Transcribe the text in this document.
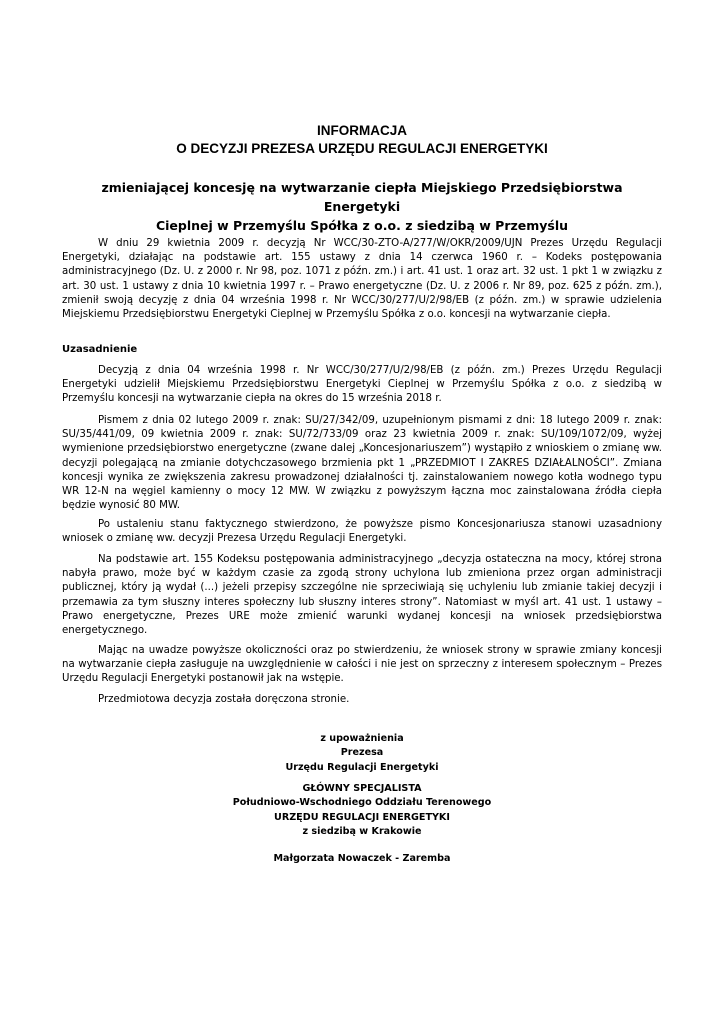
INFORMACJA
O DECYZJI PREZESA URZĘDU REGULACJI ENERGETYKI
zmieniającej koncesję na wytwarzanie ciepła Miejskiego Przedsiębiorstwa Energetyki
Cieplnej w Przemyślu Spółka z o.o. z siedzibą w Przemyślu

W dniu 29 kwietnia 2009 r. decyzją Nr WCC/30-ZTO-A/277/W/OKR/2009/UJN Prezes Urzędu Regulacji Energetyki, działając na podstawie art. 155 ustawy z dnia 14 czerwca 1960 r. – Kodeks postępowania administracyjnego (Dz. U. z 2000 r. Nr 98, poz. 1071 z późn. zm.) i art. 41 ust. 1 oraz art. 32 ust. 1 pkt 1 w związku z art. 30 ust. 1 ustawy z dnia 10 kwietnia 1997 r. – Prawo energetyczne (Dz. U. z 2006 r. Nr 89, poz. 625 z późn. zm.), zmienił swoją decyzję z dnia 04 września 1998 r. Nr WCC/30/277/U/2/98/EB (z późn. zm.) w sprawie udzielenia Miejskiemu Przedsiębiorstwu Energetyki Cieplnej w Przemyślu Spółka z o.o. koncesji na wytwarzanie ciepła.

Uzasadnienie

Decyzją z dnia 04 września 1998 r. Nr WCC/30/277/U/2/98/EB (z późn. zm.) Prezes Urzędu Regulacji Energetyki udzielił Miejskiemu Przedsiębiorstwu Energetyki Cieplnej w Przemyślu Spółka z o.o. z siedzibą w Przemyślu koncesji na wytwarzanie ciepła na okres do 15 września 2018 r.

Pismem z dnia 02 lutego 2009 r. znak: SU/27/342/09, uzupełnionym pismami z dni: 18 lutego 2009 r. znak: SU/35/441/09, 09 kwietnia 2009 r. znak: SU/72/733/09 oraz 23 kwietnia 2009 r. znak: SU/109/1072/09, wyżej wymienione przedsiębiorstwo energetyczne (zwane dalej „Koncesjonariuszem”) wystąpiło z wnioskiem o zmianę ww. decyzji polegającą na zmianie dotychczasowego brzmienia pkt 1 „PRZEDMIOT I ZAKRES DZIAŁALNOŚCI”. Zmiana koncesji wynika ze zwiększenia zakresu prowadzonej działalności tj. zainstalowaniem nowego kotła wodnego typu WR 12-N na węgiel kamienny o mocy 12 MW. W związku z powyższym łączna moc zainstalowana źródła ciepła będzie wynosić 80 MW.

Po ustaleniu stanu faktycznego stwierdzono, że powyższe pismo Koncesjonariusza stanowi uzasadniony wniosek o zmianę ww. decyzji Prezesa Urzędu Regulacji Energetyki.

Na podstawie art. 155 Kodeksu postępowania administracyjnego „decyzja ostateczna na mocy, której strona nabyła prawo, może być w każdym czasie za zgodą strony uchylona lub zmieniona przez organ administracji publicznej, który ją wydał (...) jeżeli przepisy szczególne nie sprzeciwiają się uchyleniu lub zmianie takiej decyzji i przemawia za tym słuszny interes społeczny lub słuszny interes strony”. Natomiast w myśl art. 41 ust. 1 ustawy – Prawo energetyczne, Prezes URE może zmienić warunki wydanej koncesji na wniosek przedsiębiorstwa energetycznego.

Mając na uwadze powyższe okoliczności oraz po stwierdzeniu, że wniosek strony w sprawie zmiany koncesji na wytwarzanie ciepła zasługuje na uwzględnienie w całości i nie jest on sprzeczny z interesem społecznym – Prezes Urzędu Regulacji Energetyki postanowił jak na wstępie.

Przedmiotowa decyzja została doręczona stronie.

z upoważnienia
Prezesa
Urzędu Regulacji Energetyki
GŁÓWNY SPECJALISTA
Południowo-Wschodniego Oddziału Terenowego
URZĘDU REGULACJI ENERGETYKI
z siedzibą w Krakowie
Małgorzata Nowaczek - Zaremba
